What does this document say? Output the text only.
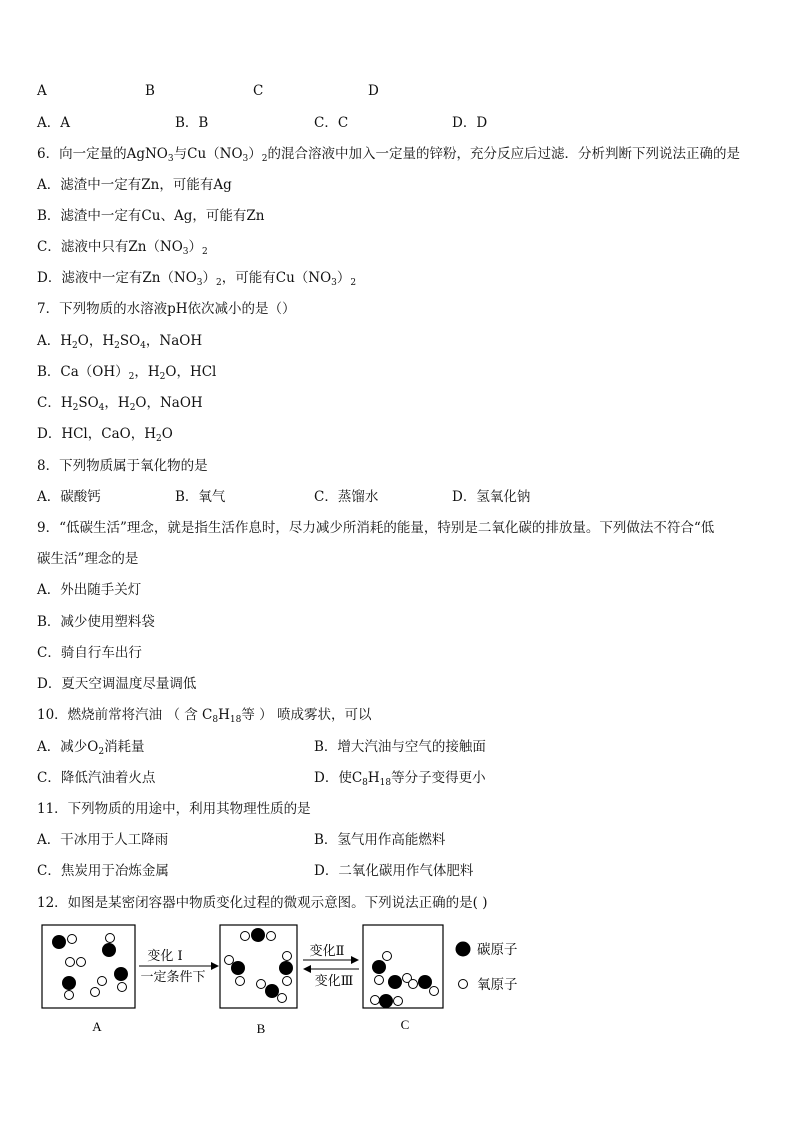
A	B	C	D
A．A	B．B	C．C	D．D
6．向一定量的AgNO$_3$与$Cu(NO_3)_2$的混合溶液中加入一定量的锌粉，充分反应后过滤．分析判断下列说法正确的是
A．滤渣中一定有Zn，可能有Ag
B．滤渣中一定有Cu、Ag，可能有Zn
C．滤液中只有$Zn(NO_3)_2$
D．滤液中一定有$Zn(NO_3)_2$，可能有$Cu(NO_3)_2$
7．下列物质的水溶液pH依次减小的是（）
A．$H_2O$，$H_2SO_4$，NaOH
B．$Ca(OH)_2$，$H_2O$，HCl
C．$H_2SO_4$，$H_2O$，NaOH
D．HCl，CaO，$H_2O$
8．下列物质属于氧化物的是
A．碳酸钙	B．氧气	C．蒸馏水	D．氢氧化钠
9．“低碳生活”理念，就是指生活作息时，尽力减少所消耗的能量，特别是二氧化碳的排放量。下列做法不符合“低
碳生活”理念的是
A．外出随手关灯
B．减少使用塑料袋
C．骑自行车出行
D．夏天空调温度尽量调低
10．燃烧前常将汽油 （ 含 $C_8H_{18}$等 ） 喷成雾状，可以
A．减少$O_2$消耗量	B．增大汽油与空气的接触面
C．降低汽油着火点	D．使$C_8H_{18}$等分子变得更小
11．下列物质的用途中，利用其物理性质的是
A．干冰用于人工降雨	B．氢气用作高能燃料
C．焦炭用于冶炼金属	D．二氧化碳用作气体肥料
12．如图是某密闭容器中物质变化过程的微观示意图。下列说法正确的是( )
A
变化 I
一定条件下
B
变化Ⅱ
变化Ⅲ
C
碳原子
氧原子
